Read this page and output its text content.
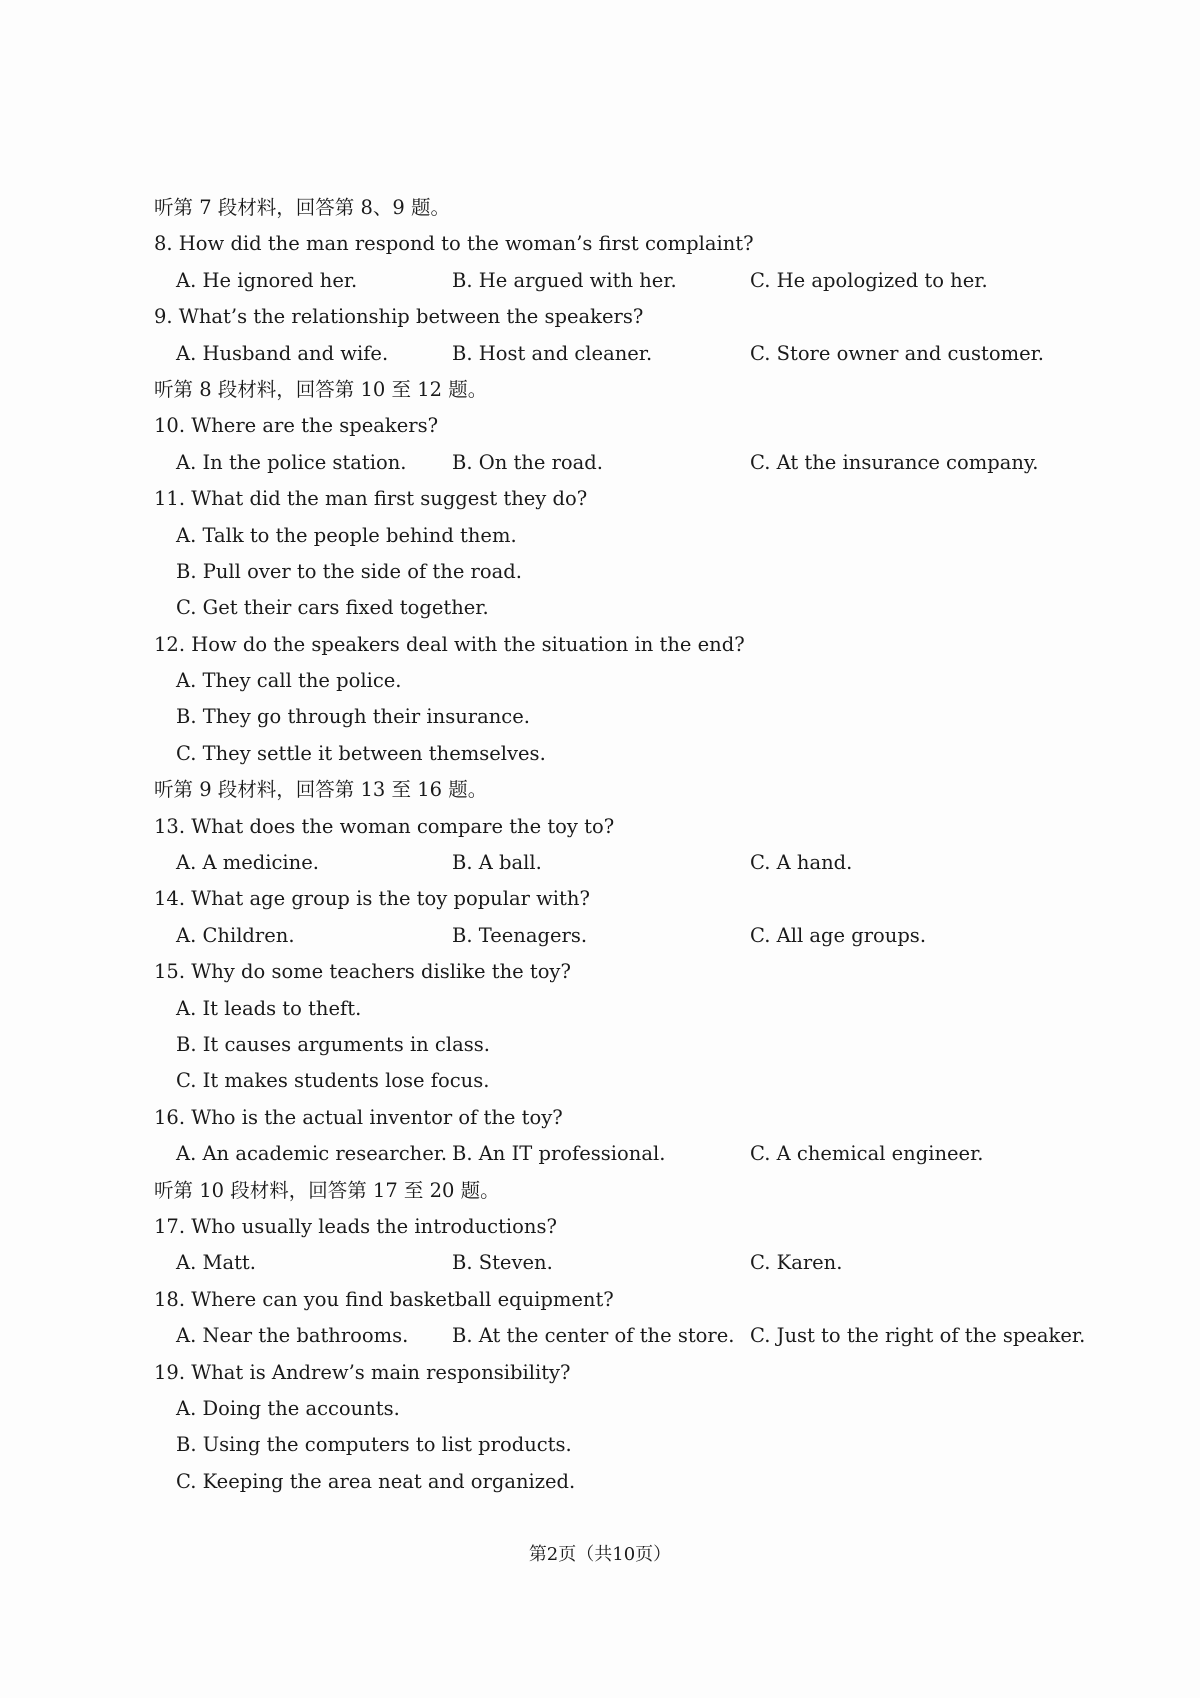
听第 7 段材料，回答第 8、9 题。
8. How did the man respond to the woman’s first complaint?
A. He ignored her.	B. He argued with her.	C. He apologized to her.
9. What’s the relationship between the speakers?
A. Husband and wife.	B. Host and cleaner.	C. Store owner and customer.
听第 8 段材料，回答第 10 至 12 题。
10. Where are the speakers?
A. In the police station. B. On the road.	C. At the insurance company.
11. What did the man first suggest they do?
A. Talk to the people behind them.
B. Pull over to the side of the road.
C. Get their cars fixed together.
12. How do the speakers deal with the situation in the end?
A. They call the police.
B. They go through their insurance.
C. They settle it between themselves.
听第 9 段材料，回答第 13 至 16 题。
13. What does the woman compare the toy to?
A. A medicine.	B. A ball.	C. A hand.
14. What age group is the toy popular with?
A. Children.	B. Teenagers.	C. All age groups.
15. Why do some teachers dislike the toy?
A. It leads to theft.
B. It causes arguments in class.
C. It makes students lose focus.
16. Who is the actual inventor of the toy?
A. An academic researcher. B. An IT professional.	C. A chemical engineer.
听第 10 段材料，回答第 17 至 20 题。
17. Who usually leads the introductions?
A. Matt.	B. Steven.	C. Karen.
18. Where can you find basketball equipment?
A. Near the bathrooms. B. At the center of the store. C. Just to the right of the speaker.
19. What is Andrew’s main responsibility?
A. Doing the accounts.
B. Using the computers to list products.
C. Keeping the area neat and organized.
第2页（共10页）
